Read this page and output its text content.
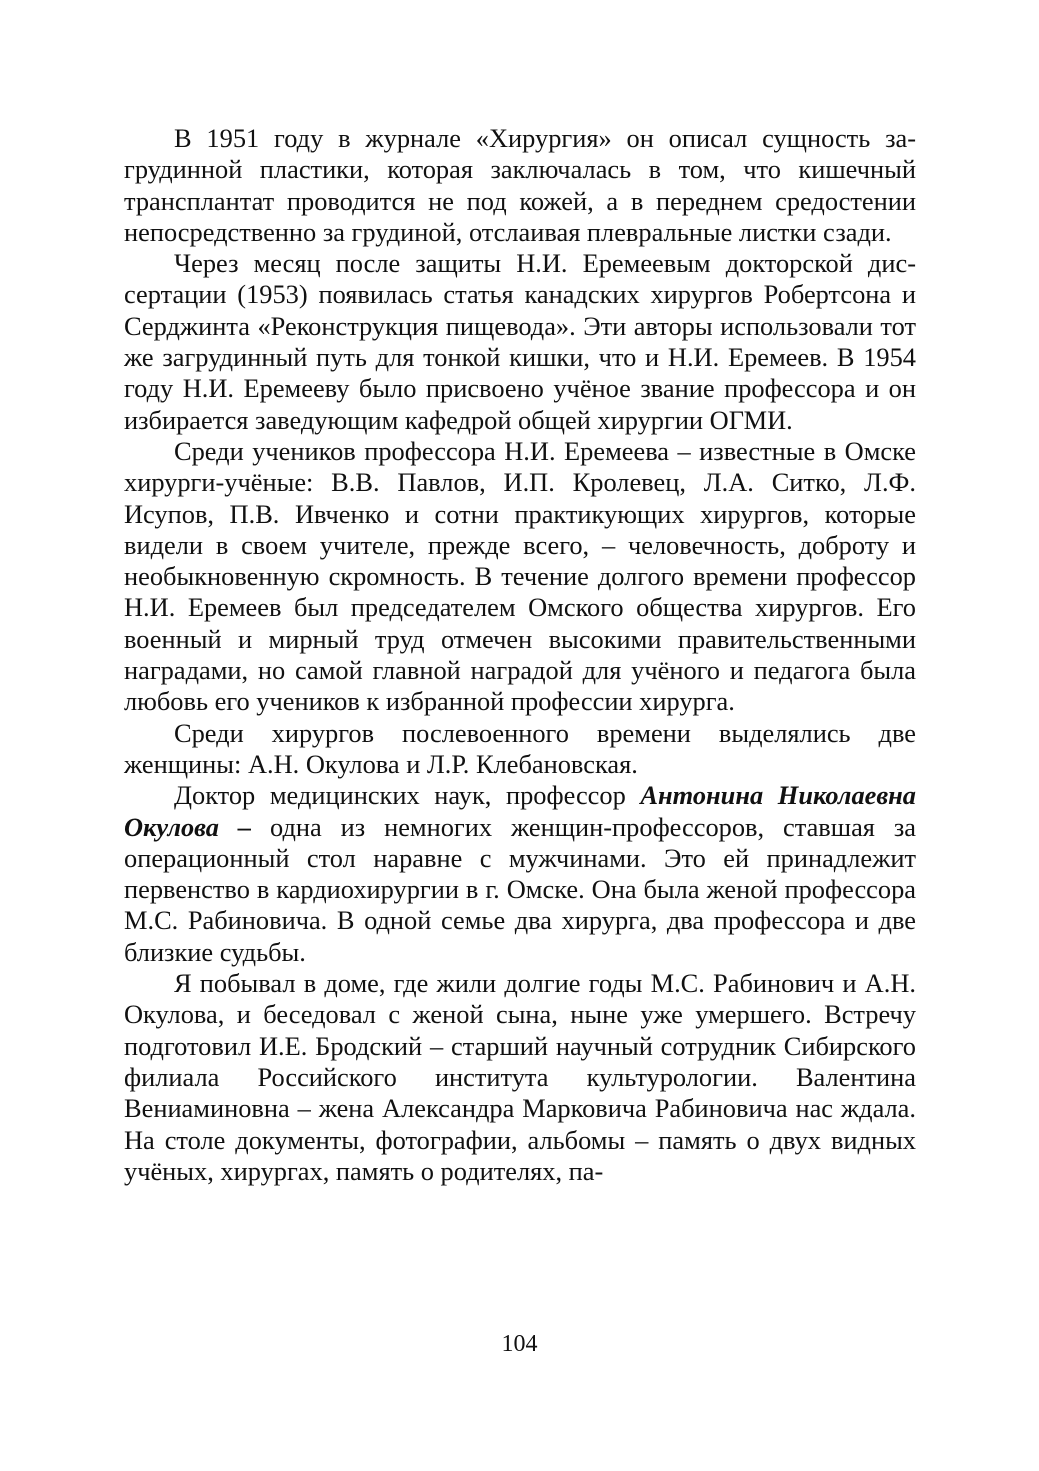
В 1951 году в журнале «Хирургия» он описал сущность загрудинной пластики, которая заключалась в том, что кишечный трансплантат проводится не под кожей, а в переднем средостении непосредственно за грудиной, отслаивая плевральные листки сзади.

Через месяц после защиты Н.И. Еремеевым докторской диссертации (1953) появилась статья канадских хирургов Робертсона и Серджинта «Реконструкция пищевода». Эти авторы использовали тот же загрудинный путь для тонкой кишки, что и Н.И. Еремеев. В 1954 году Н.И. Еремееву было присвоено учёное звание профессора и он избирается заведующим кафедрой общей хирургии ОГМИ.

Среди учеников профессора Н.И. Еремеева – известные в Омске хирурги-учёные: В.В. Павлов, И.П. Кролевец, Л.А. Ситко, Л.Ф. Исупов, П.В. Ивченко и сотни практикующих хирургов, которые видели в своем учителе, прежде всего, – человечность, доброту и необыкновенную скромность. В течение долгого времени профессор Н.И. Еремеев был председателем Омского общества хирургов. Его военный и мирный труд отмечен высокими правительственными наградами, но самой главной наградой для учёного и педагога была любовь его учеников к избранной профессии хирурга.

Среди хирургов послевоенного времени выделялись две женщины: А.Н. Окулова и Л.Р. Клебановская.

Доктор медицинских наук, профессор Антонина Николаевна Окулова – одна из немногих женщин-профессоров, ставшая за операционный стол наравне с мужчинами. Это ей принадлежит первенство в кардиохирургии в г. Омске. Она была женой профессора М.С. Рабиновича. В одной семье два хирурга, два профессора и две близкие судьбы.

Я побывал в доме, где жили долгие годы М.С. Рабинович и А.Н. Окулова, и беседовал с женой сына, ныне уже умершего. Встречу подготовил И.Е. Бродский – старший научный сотрудник Сибирского филиала Российского института культурологии. Валентина Вениаминовна – жена Александра Марковича Рабиновича нас ждала. На столе документы, фотографии, альбомы – память о двух видных учёных, хирургах, память о родителях, па-

104
